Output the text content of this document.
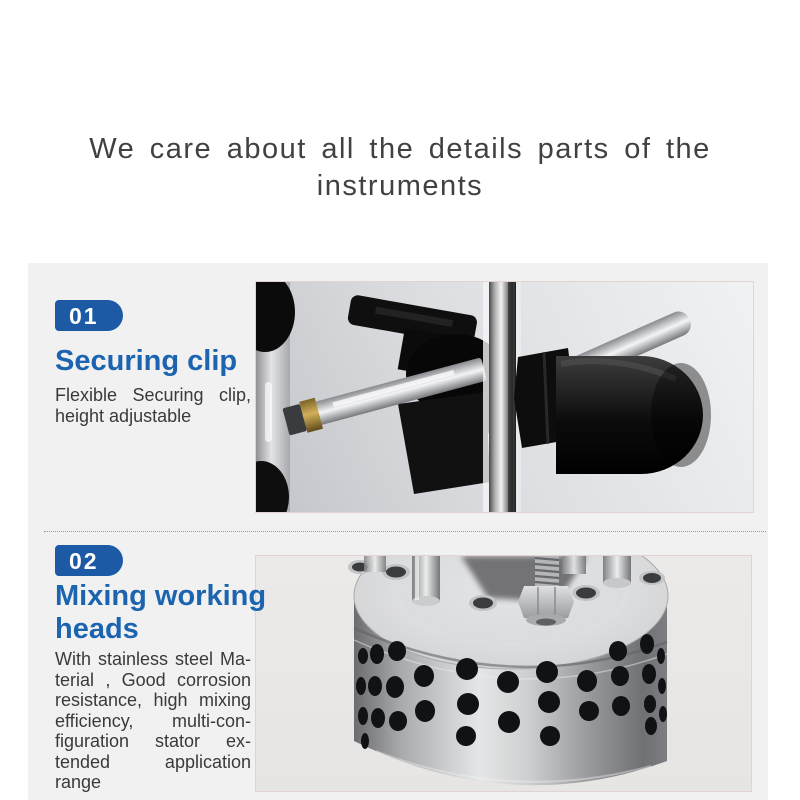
We care about all the details parts of the
instruments
01
Securing clip
Flexible Securing clip,
height adjustable
02
Mixing working
heads
With stainless steel Ma-
terial , Good corrosion
resistance, high mixing
efficiency, multi-con-
figuration stator ex-
tended application
range
